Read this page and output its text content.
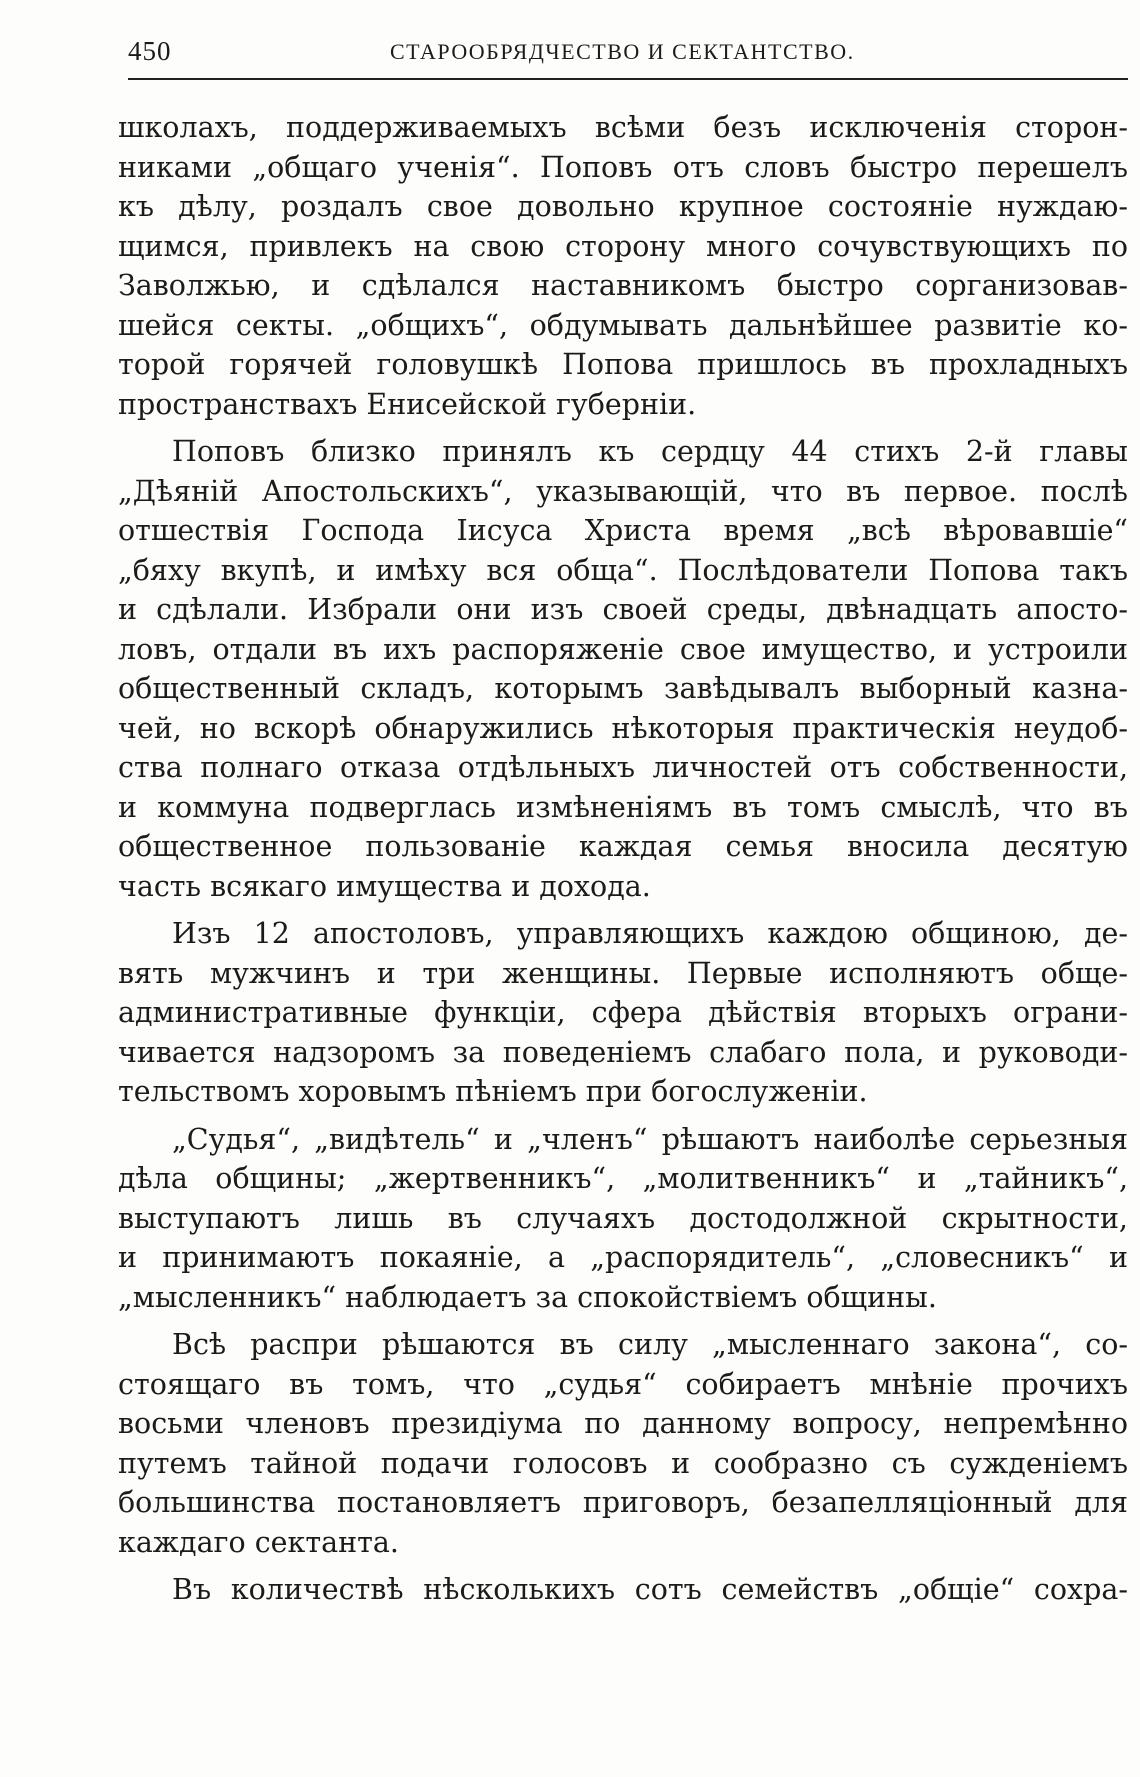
450	СТАРООБРЯДЧЕСТВО И СЕКТАНТСТВО.
школахъ, поддерживаемыхъ всѣми безъ исключенія сторон-
никами „общаго ученія“. Поповъ отъ словъ быстро перешелъ
къ дѣлу, роздалъ свое довольно крупное состояніе нуждаю-
щимся, привлекъ на свою сторону много сочувствующихъ по
Заволжью, и сдѣлался наставникомъ быстро сорганизовав-
шейся секты. „общихъ“, обдумывать дальнѣйшее развитіе ко-
торой горячей головушкѣ Попова пришлось въ прохладныхъ
пространствахъ Енисейской губерніи.
Поповъ близко принялъ къ сердцу 44 стихъ 2-й главы
„Дѣяній Апостольскихъ“, указывающій, что въ первое. послѣ
отшествія Господа Іисуса Христа время „всѣ вѣровавшіе“
„бяху вкупѣ, и имѣху вся обща“. Послѣдователи Попова такъ
и сдѣлали. Избрали они изъ своей среды, двѣнадцать апосто-
ловъ, отдали въ ихъ распоряженіе свое имущество, и устроили
общественный складъ, которымъ завѣдывалъ выборный казна-
чей, но вскорѣ обнаружились нѣкоторыя практическія неудоб-
ства полнаго отказа отдѣльныхъ личностей отъ собственности,
и коммуна подверглась измѣненіямъ въ томъ смыслѣ, что въ
общественное пользованіе каждая семья вносила десятую
часть всякаго имущества и дохода.
Изъ 12 апостоловъ, управляющихъ каждою общиною, де-
вять мужчинъ и три женщины. Первые исполняютъ обще-
административные функціи, сфера дѣйствія вторыхъ ограни-
чивается надзоромъ за поведеніемъ слабаго пола, и руководи-
тельствомъ хоровымъ пѣніемъ при богослуженіи.
„Судья“, „видѣтель“ и „членъ“ рѣшаютъ наиболѣе серьезныя
дѣла общины; „жертвенникъ“, „молитвенникъ“ и „тайникъ“,
выступаютъ лишь въ случаяхъ достодолжной скрытности,
и принимаютъ покаяніе, а „распорядитель“, „словесникъ“ и
„мысленникъ“ наблюдаетъ за спокойствіемъ общины.
Всѣ распри рѣшаются въ силу „мысленнаго закона“, со-
стоящаго въ томъ, что „судья“ собираетъ мнѣніе прочихъ
восьми членовъ президіума по данному вопросу, непремѣнно
путемъ тайной подачи голосовъ и сообразно съ сужденіемъ
большинства постановляетъ приговоръ, безапелляціонный для
каждаго сектанта.
Въ количествѣ нѣсколькихъ сотъ семействъ „общіе“ сохра-
